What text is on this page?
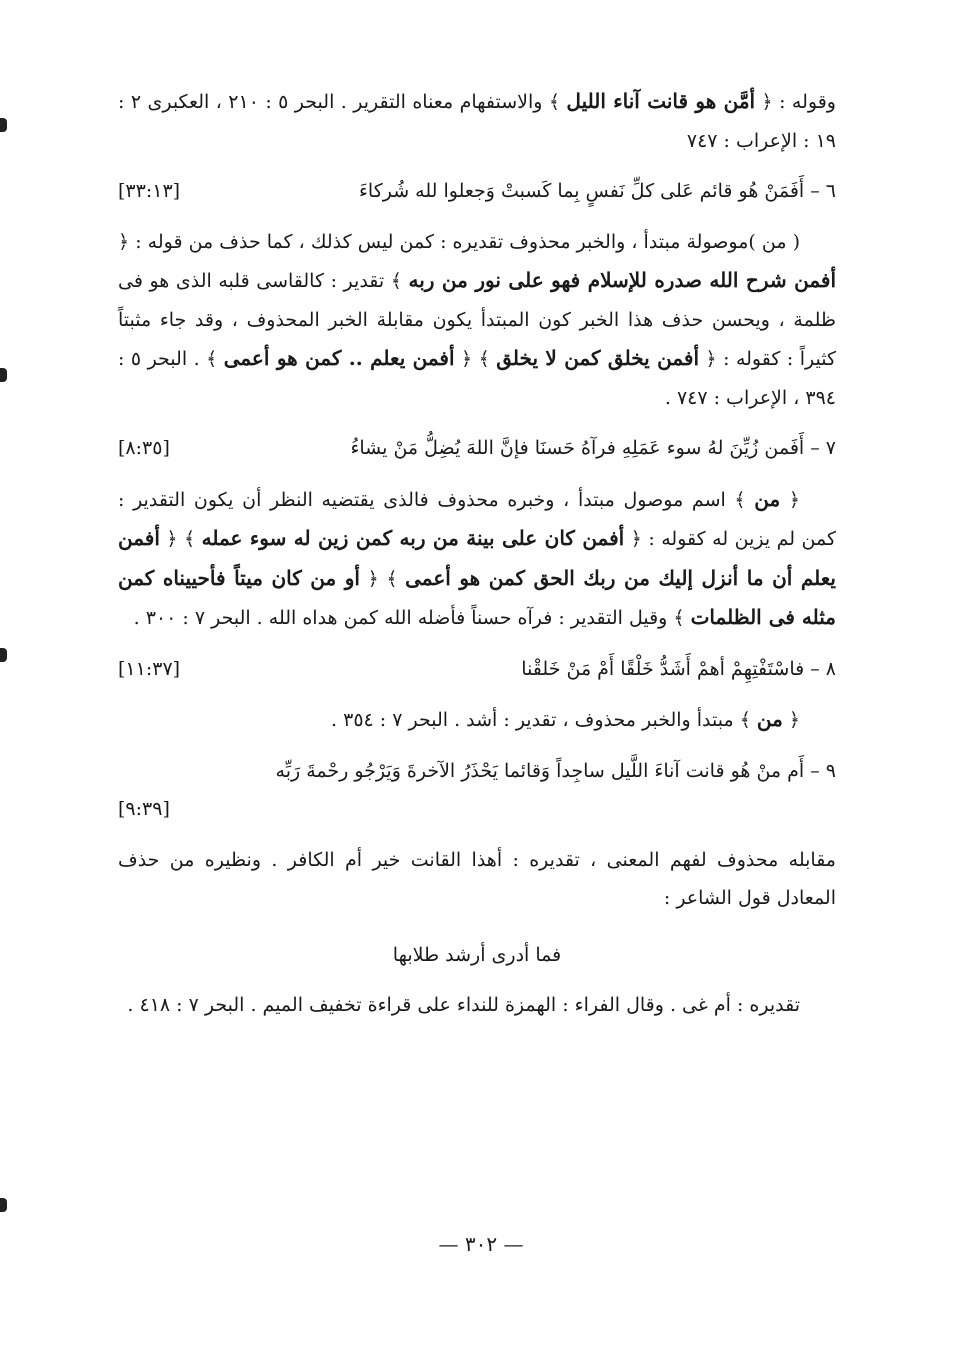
وقوله : ﴿ أمَّن هو قانت آناء الليل ﴾ والاستفهام معناه التقرير . البحر ٥ : ٢١٠ ، العكبرى ٢ : ١٩ : الإعراب : ٧٤٧

٦ – أَفَمَنْ هُو قائم عَلى كلِّ نَفسٍ بِما كَسبتْ وَجعلوا لله شُركاءَ
[٣٣:١٣]

( من )موصولة مبتدأ ، والخبر محذوف تقديره : كمن ليس كذلك ، كما حذف من قوله : ﴿ أفمن شرح الله صدره للإسلام فهو على نور من ربه ﴾ تقدير : كالقاسى قلبه الذى هو فى ظلمة ، ويحسن حذف هذا الخبر كون المبتدأ يكون مقابلة الخبر المحذوف ، وقد جاء مثبتاً كثيراً : كقوله : ﴿ أفمن يخلق كمن لا يخلق ﴾ ﴿ أفمن يعلم .. كمن هو أعمى ﴾ . البحر ٥ : ٣٩٤ ، الإعراب : ٧٤٧ .

٧ – أَفَمن زُيِّنَ لهُ سوء عَمَلِهِ فرآهُ حَسنَا فإنَّ اللهَ يُضِلُّ مَنْ يشاءُ
[٨:٣٥]

﴿ من ﴾ اسم موصول مبتدأ ، وخبره محذوف فالذى يقتضيه النظر أن يكون التقدير : كمن لم يزين له كقوله : ﴿ أفمن كان على بينة من ربه كمن زين له سوء عمله ﴾ ﴿ أفمن يعلم أن ما أنزل إليك من ربك الحق كمن هو أعمى ﴾ ﴿ أو من كان ميتاً فأحييناه كمن مثله فى الظلمات ﴾ وقيل التقدير : فرآه حسناً فأضله الله كمن هداه الله . البحر ٧ : ٣٠٠ .

٨ – فاسْتَفْتِهِمْ أهمْ أَشَدُّ خَلْقًا أَمْ مَنْ خَلقْنا
[١١:٣٧]

﴿ من ﴾ مبتدأ والخبر محذوف ، تقدير : أشد . البحر ٧ : ٣٥٤ .

٩ – أَم منْ هُو قانت آناءَ اللَّيل ساجِداً وَقائما يَحْذَرُ الآخرةَ وَيَرْجُو رحْمةَ رَبِّه

[٩:٣٩]

مقابله محذوف لفهم المعنى ، تقديره : أهذا القانت خير أم الكافر . ونظيره من حذف المعادل قول الشاعر :

فما أدرى أرشد طلابها

تقديره : أم غى . وقال الفراء : الهمزة للنداء على قراءة تخفيف الميم . البحر ٧ : ٤١٨ .

— ٣٠٢ —
